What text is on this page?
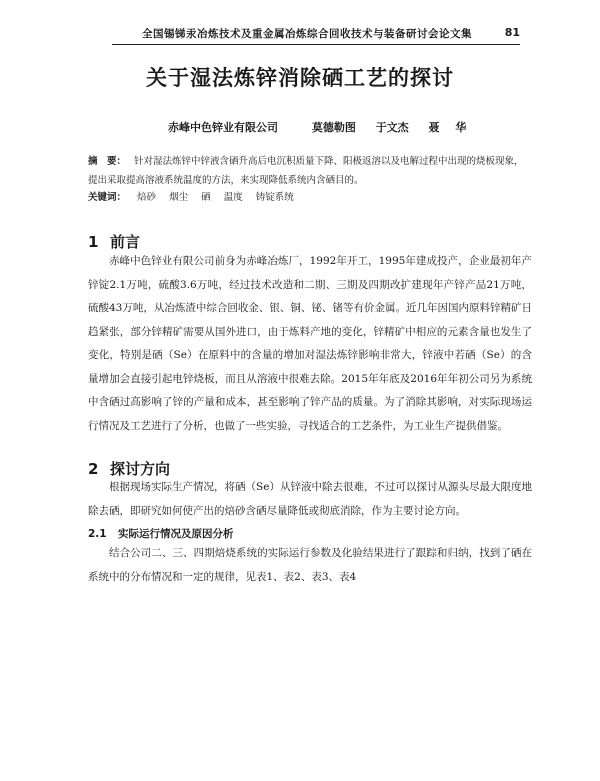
全国锡锑汞冶炼技术及重金属冶炼综合回收技术与装备研讨会论文集	81
关于湿法炼锌消除硒工艺的探讨
赤峰中色锌业有限公司	莫德勒图 于文杰 聂 华
摘　要： 针对湿法炼锌中锌液含硒升高后电沉积质量下降、阳极返溶以及电解过程中出现的烧板现象，提出采取提高溶液系统温度的方法，来实现降低系统内含硒目的。
关键词： 焙砂 烟尘 硒 温度 铸锭系统
1 前言

赤峰中色锌业有限公司前身为赤峰冶炼厂，1992年开工，1995年建成投产，企业最初年产锌锭2.1万吨，硫酸3.6万吨，经过技术改造和二期、三期及四期改扩建现年产锌产品21万吨，硫酸43万吨，从冶炼渣中综合回收金、银、铜、铋、锗等有价金属。近几年因国内原料锌精矿日趋紧张，部分锌精矿需要从国外进口，由于炼料产地的变化，锌精矿中相应的元素含量也发生了变化，特别是硒（Se）在原料中的含量的增加对湿法炼锌影响非常大，锌液中若硒（Se）的含量增加会直接引起电锌烧板，而且从溶液中很难去除。2015年年底及2016年年初公司另为系统中含硒过高影响了锌的产量和成本，甚至影响了锌产品的质量。为了消除其影响，对实际现场运行情况及工艺进行了分析，也做了一些实验，寻找适合的工艺条件，为工业生产提供借鉴。

2 探讨方向

根据现场实际生产情况，将硒（Se）从锌液中除去很难，不过可以探讨从源头尽最大限度地除去硒，即研究如何使产出的焙砂含硒尽量降低或彻底消除，作为主要讨论方向。

2.1 实际运行情况及原因分析

结合公司二、三、四期焙烧系统的实际运行参数及化验结果进行了跟踪和归纳，找到了硒在系统中的分布情况和一定的规律，见表1、表2、表3、表4
